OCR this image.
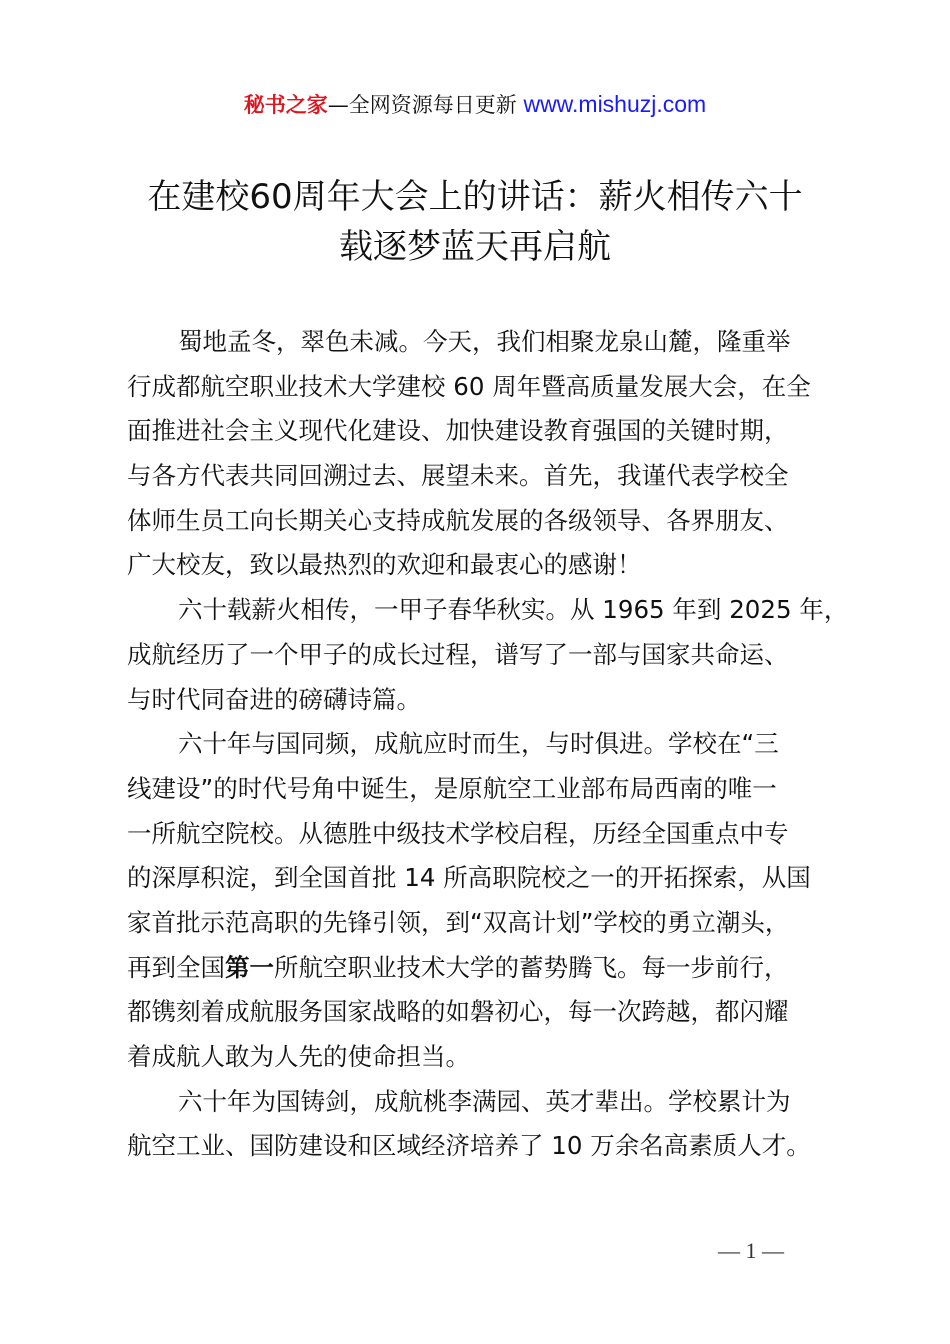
秘书之家—全网资源每日更新 www.mishuzj.com
在建校60周年大会上的讲话：薪火相传六十
载逐梦蓝天再启航
蜀地孟冬，翠色未减。今天，我们相聚龙泉山麓，隆重举
行成都航空职业技术大学建校 60 周年暨高质量发展大会，在全
面推进社会主义现代化建设、加快建设教育强国的关键时期，
与各方代表共同回溯过去、展望未来。首先，我谨代表学校全
体师生员工向长期关心支持成航发展的各级领导、各界朋友、
广大校友，致以最热烈的欢迎和最衷心的感谢！
六十载薪火相传，一甲子春华秋实。从 1965 年到 2025 年，
成航经历了一个甲子的成长过程，谱写了一部与国家共命运、
与时代同奋进的磅礴诗篇。
六十年与国同频，成航应时而生，与时俱进。学校在“三
线建设”的时代号角中诞生，是原航空工业部布局西南的唯一
一所航空院校。从德胜中级技术学校启程，历经全国重点中专
的深厚积淀，到全国首批 14 所高职院校之一的开拓探索，从国
家首批示范高职的先锋引领，到“双高计划”学校的勇立潮头，
再到全国第一所航空职业技术大学的蓄势腾飞。每一步前行，
都镌刻着成航服务国家战略的如磐初心，每一次跨越，都闪耀
着成航人敢为人先的使命担当。
六十年为国铸剑，成航桃李满园、英才辈出。学校累计为
航空工业、国防建设和区域经济培养了 10 万余名高素质人才。
— 1 —
